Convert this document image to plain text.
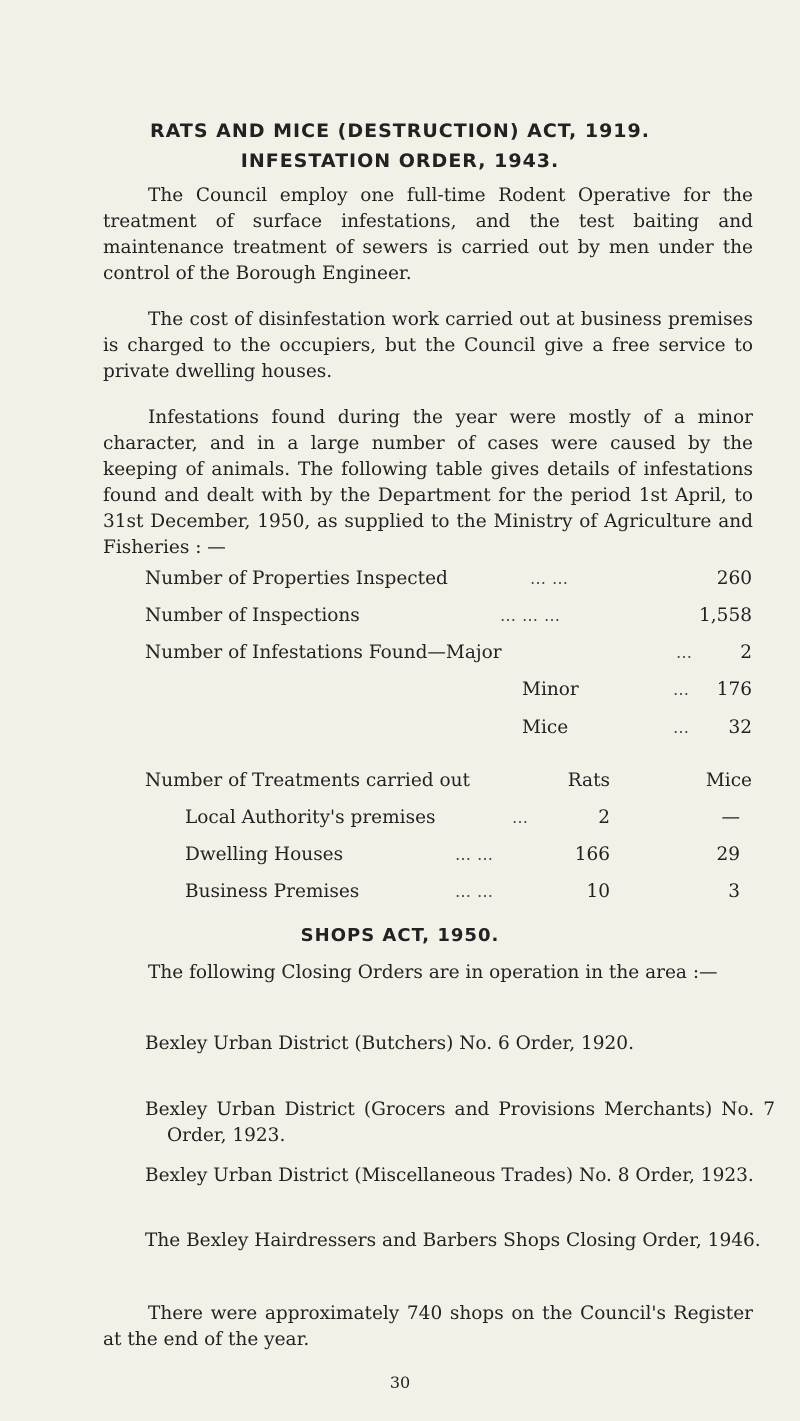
RATS AND MICE (DESTRUCTION) ACT, 1919.
INFESTATION ORDER, 1943.

The Council employ one full-time Rodent Operative for the treatment of surface infestations, and the test baiting and maintenance treatment of sewers is carried out by men under the control of the Borough Engineer.

The cost of disinfestation work carried out at business premises is charged to the occupiers, but the Council give a free service to private dwelling houses.

Infestations found during the year were mostly of a minor character, and in a large number of cases were caused by the keeping of animals. The following table gives details of infestations found and dealt with by the Department for the period 1st April, to 31st December, 1950, as supplied to the Ministry of Agriculture and Fisheries : —

Number of Properties Inspected	……	260
Number of Inspections	………	1,558
Number of Infestations Found—Major	…	2
Minor	…	176
Mice	…	32
Number of Treatments carried out	Rats	Mice
Local Authority's premises	…	2	—
Dwelling Houses	……	166	29
Business Premises	……	10	3
SHOPS ACT, 1950.

The following Closing Orders are in operation in the area :—

Bexley Urban District (Butchers) No. 6 Order, 1920.

Bexley Urban District (Grocers and Provisions Merchants) No. 7 Order, 1923.

Bexley Urban District (Miscellaneous Trades) No. 8 Order, 1923.

The Bexley Hairdressers and Barbers Shops Closing Order, 1946.

There were approximately 740 shops on the Council's Register at the end of the year.

30
